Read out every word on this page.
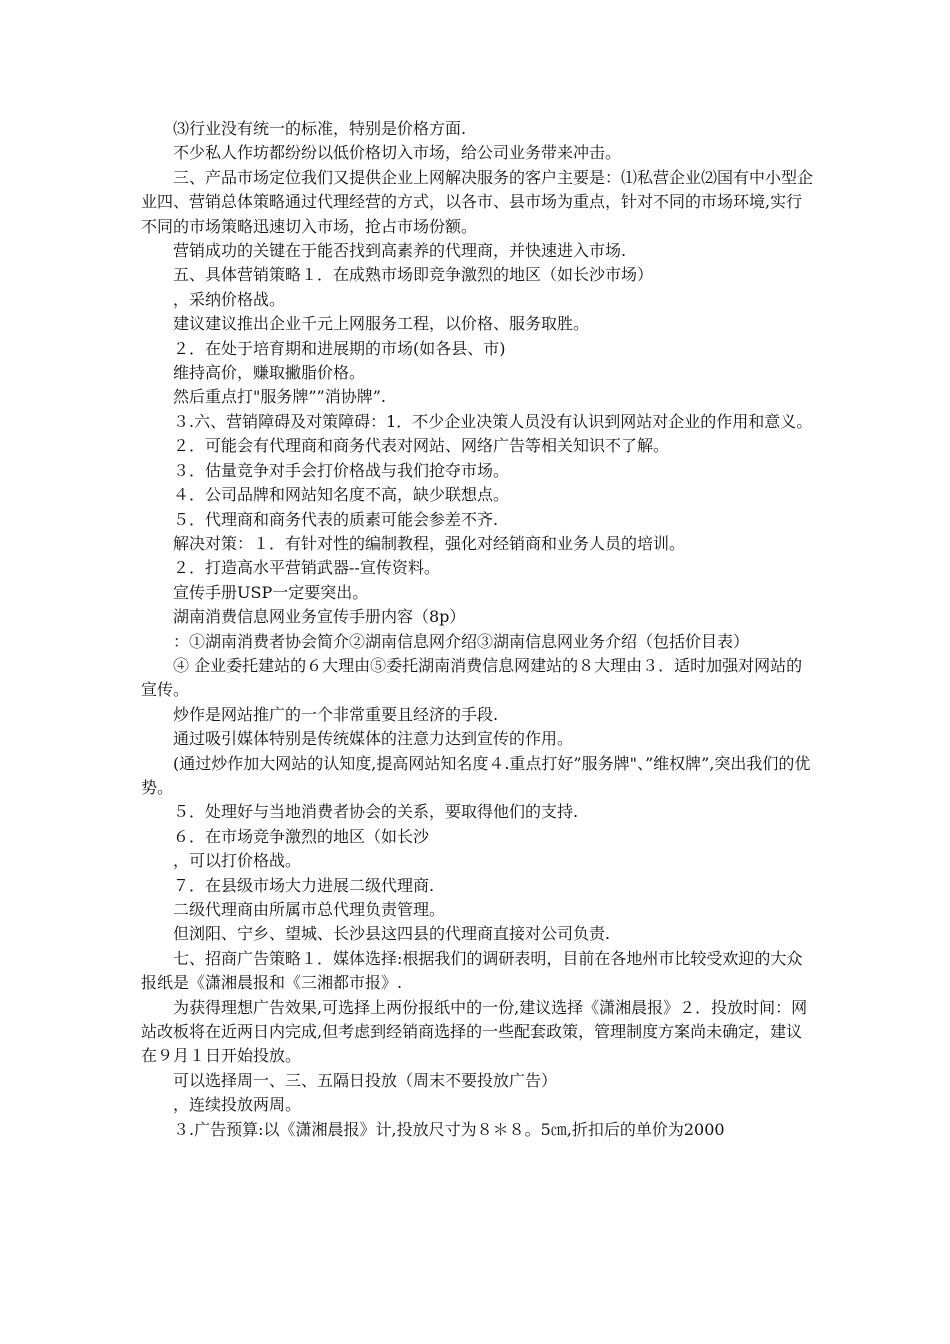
⑶行业没有统一的标准，特别是价格方面.

不少私人作坊都纷纷以低价格切入市场，给公司业务带来冲击。

三、产品市场定位我们又提供企业上网解决服务的客户主要是：⑴私营企业⑵国有中小型企业四、营销总体策略通过代理经营的方式，以各市、县市场为重点，针对不同的市场环境,实行不同的市场策略迅速切入市场，抢占市场份额。

营销成功的关键在于能否找到高素养的代理商，并快速进入市场.

五、具体营销策略１．在成熟市场即竞争激烈的地区（如长沙市场）

，采纳价格战。

建议建议推出企业千元上网服务工程，以价格、服务取胜。

２．在处于培育期和进展期的市场(如各县、市)

维持高价，赚取撇脂价格。

然后重点打"服务牌””消协牌”.

３.六、营销障碍及对策障碍：1．不少企业决策人员没有认识到网站对企业的作用和意义。

２．可能会有代理商和商务代表对网站、网络广告等相关知识不了解。

３．估量竞争对手会打价格战与我们抢夺市场。

４．公司品牌和网站知名度不高，缺少联想点。

５．代理商和商务代表的质素可能会参差不齐.

解决对策：１．有针对性的编制教程，强化对经销商和业务人员的培训。

２．打造高水平营销武器--宣传资料。

宣传手册USP一定要突出。

湖南消费信息网业务宣传手册内容（8p）

：①湖南消费者协会简介②湖南信息网介绍③湖南信息网业务介绍（包括价目表）

④ 企业委托建站的６大理由⑤委托湖南消费信息网建站的８大理由３．适时加强对网站的宣传。

炒作是网站推广的一个非常重要且经济的手段.

通过吸引媒体特别是传统媒体的注意力达到宣传的作用。

(通过炒作加大网站的认知度,提高网站知名度４.重点打好”服务牌"、”维权牌”,突出我们的优势。

５．处理好与当地消费者协会的关系，要取得他们的支持.

６．在市场竞争激烈的地区（如长沙

，可以打价格战。

７．在县级市场大力进展二级代理商.

二级代理商由所属市总代理负责管理。

但浏阳、宁乡、望城、长沙县这四县的代理商直接对公司负责.

七、招商广告策略１．媒体选择:根据我们的调研表明，目前在各地州市比较受欢迎的大众报纸是《潇湘晨报和《三湘都市报》.

为获得理想广告效果,可选择上两份报纸中的一份,建议选择《潇湘晨报》２．投放时间：网站改板将在近两日内完成,但考虑到经销商选择的一些配套政策，管理制度方案尚未确定，建议在９月１日开始投放。

可以选择周一、三、五隔日投放（周末不要投放广告）

，连续投放两周。

３.广告预算:以《潇湘晨报》计,投放尺寸为８＊８。5㎝,折扣后的单价为2000
